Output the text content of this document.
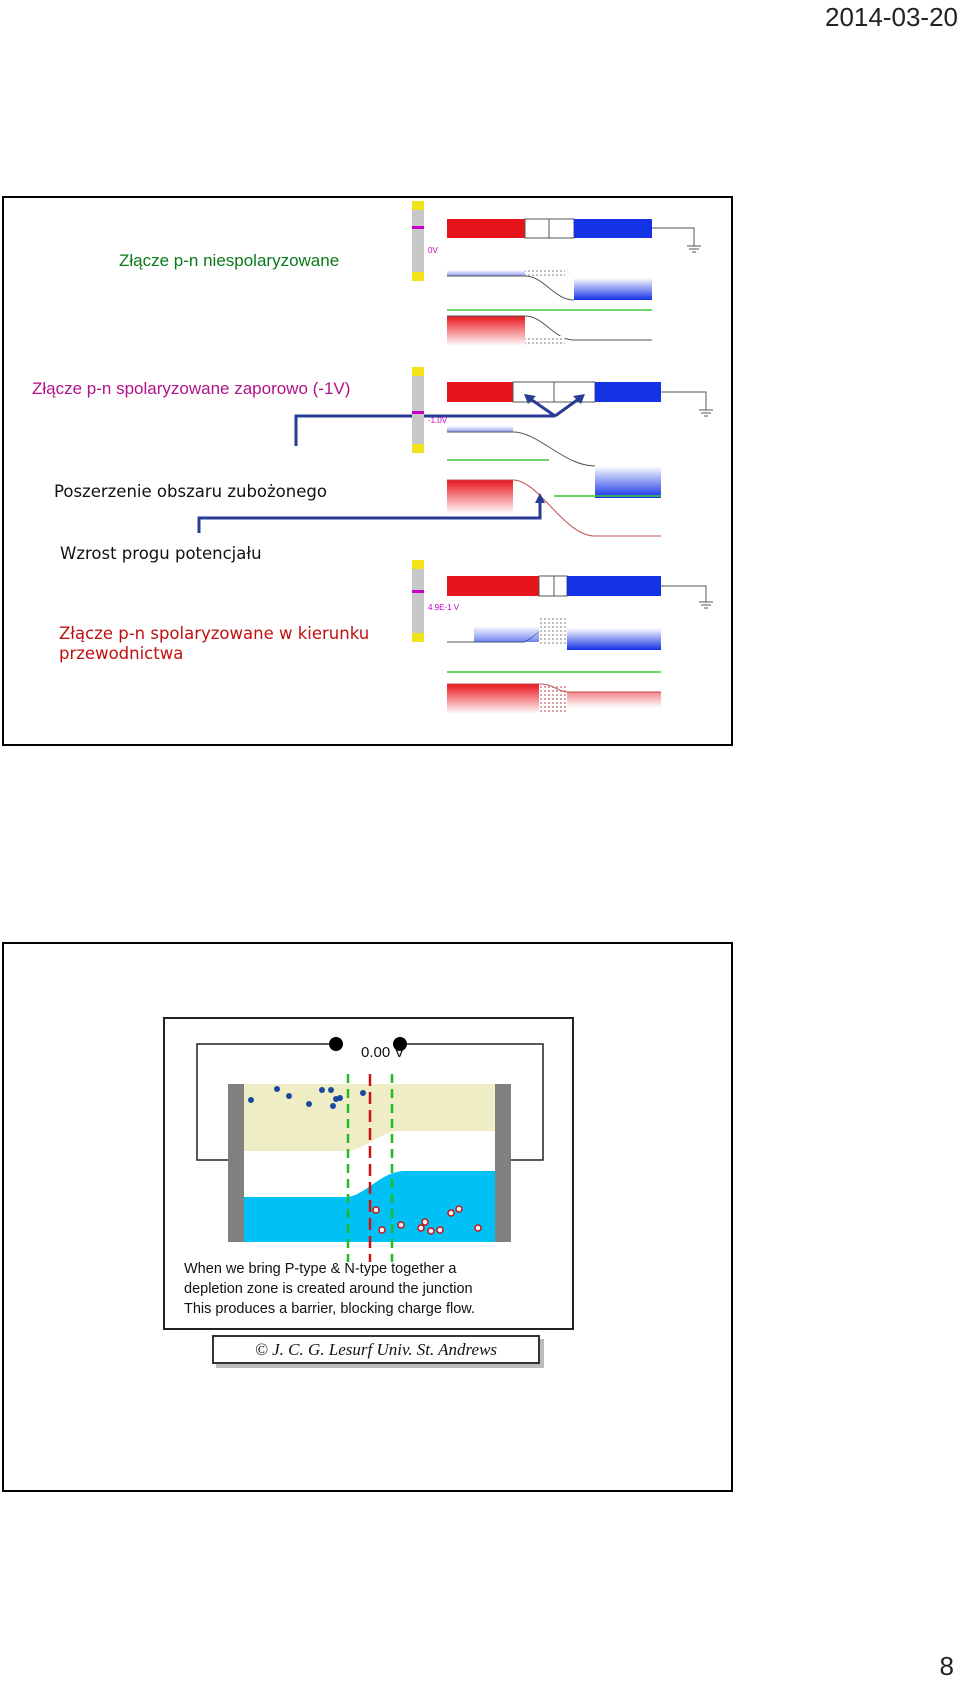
2014-03-20
0V
-1.0V
4.9E-1 V
Złącze p-n niespolaryzowane
Złącze p-n spolaryzowane zaporowo (-1V)
Poszerzenie obszaru zubożonego
Wzrost progu potencjału
Złącze p-n spolaryzowane w kierunku przewodnictwa
0.00 V
When we bring P-type & N-type together a
depletion zone is created around the junction
This produces a barrier, blocking charge flow.
© J. C. G. Lesurf Univ. St. Andrews
8
